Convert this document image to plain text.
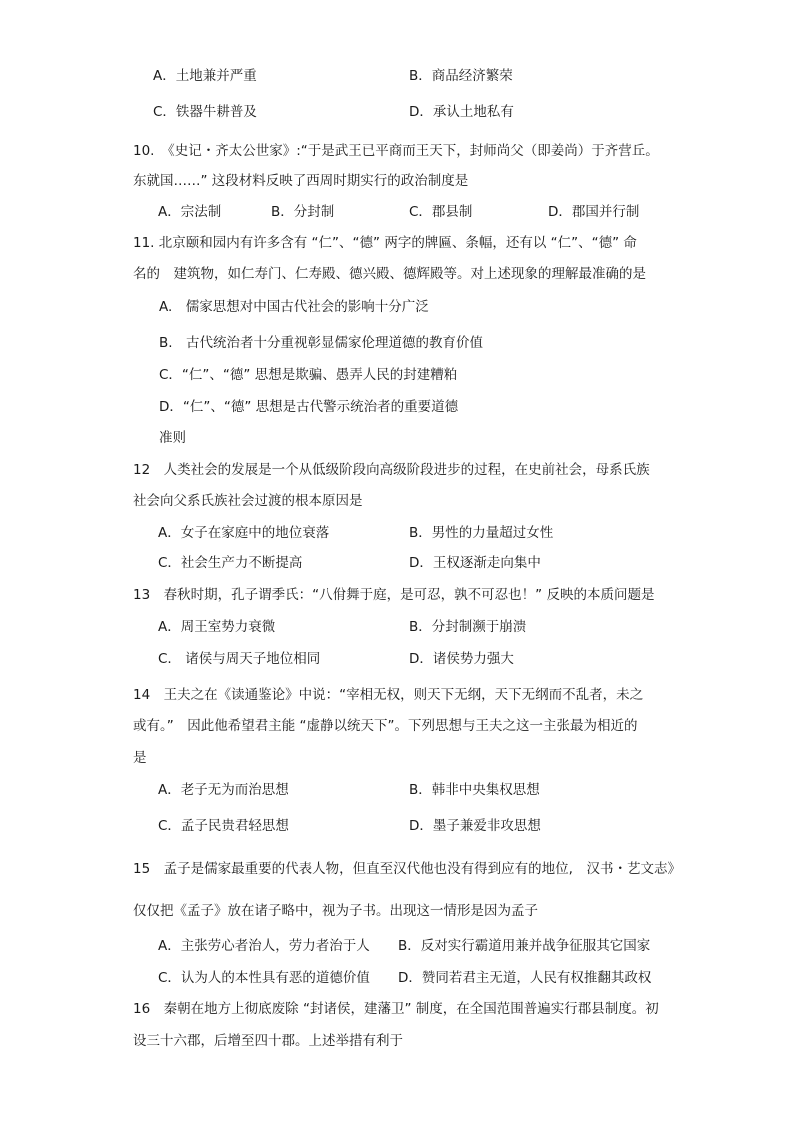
A．土地兼并严重	B．商品经济繁荣
C．铁器牛耕普及	D．承认土地私有
10.　《史记・齐太公世家》:“于是武王已平商而王天下，封师尚父（即姜尚）于齐营丘。
东就国……” 这段材料反映了西周时期实行的政治制度是
A．宗法制	B．分封制	C．郡县制	D．郡国并行制
11. 北京颐和园内有许多含有 “仁”、“德” 两字的牌匾、条幅，还有以 “仁”、“德” 命
名的　建筑物，如仁寿门、仁寿殿、德兴殿、德辉殿等。对上述现象的理解最准确的是
A.　儒家思想对中国古代社会的影响十分广泛
B.　古代统治者十分重视彰显儒家伦理道德的教育价值
C．“仁”、“德” 思想是欺骗、愚弄人民的封建糟粕
D．“仁”、“德” 思想是古代警示统治者的重要道德
准则
12　人类社会的发展是一个从低级阶段向高级阶段进步的过程，在史前社会，母系氏族
社会向父系氏族社会过渡的根本原因是
A．女子在家庭中的地位衰落	B．男性的力量超过女性
C．社会生产力不断提高	D．王权逐渐走向集中
13　春秋时期，孔子谓季氏：“八佾舞于庭，是可忍，孰不可忍也！” 反映的本质问题是
A．周王室势力衰微	B．分封制濒于崩溃
C.　诸侯与周天子地位相同	D．诸侯势力强大
14　王夫之在《读通鉴论》中说：“宰相无权，则天下无纲，天下无纲而不乱者，未之
或有。”　因此他希望君主能 “虚静以统天下”。下列思想与王夫之这一主张最为相近的
是
A．老子无为而治思想	B．韩非中央集权思想
C．孟子民贵君轻思想	D．墨子兼爱非攻思想
15　孟子是儒家最重要的代表人物，但直至汉代他也没有得到应有的地位,　汉书・艺文志》
仅仅把《孟子》放在诸子略中，视为子书。出现这一情形是因为孟子
A．主张劳心者治人，劳力者治于人 B．反对实行霸道用兼并战争征服其它国家
C．认为人的本性具有恶的道德价值 D．赞同若君主无道，人民有权推翻其政权
16　秦朝在地方上彻底废除 “封诸侯，建藩卫” 制度，在全国范围普遍实行郡县制度。初
设三十六郡，后增至四十郡。上述举措有利于
